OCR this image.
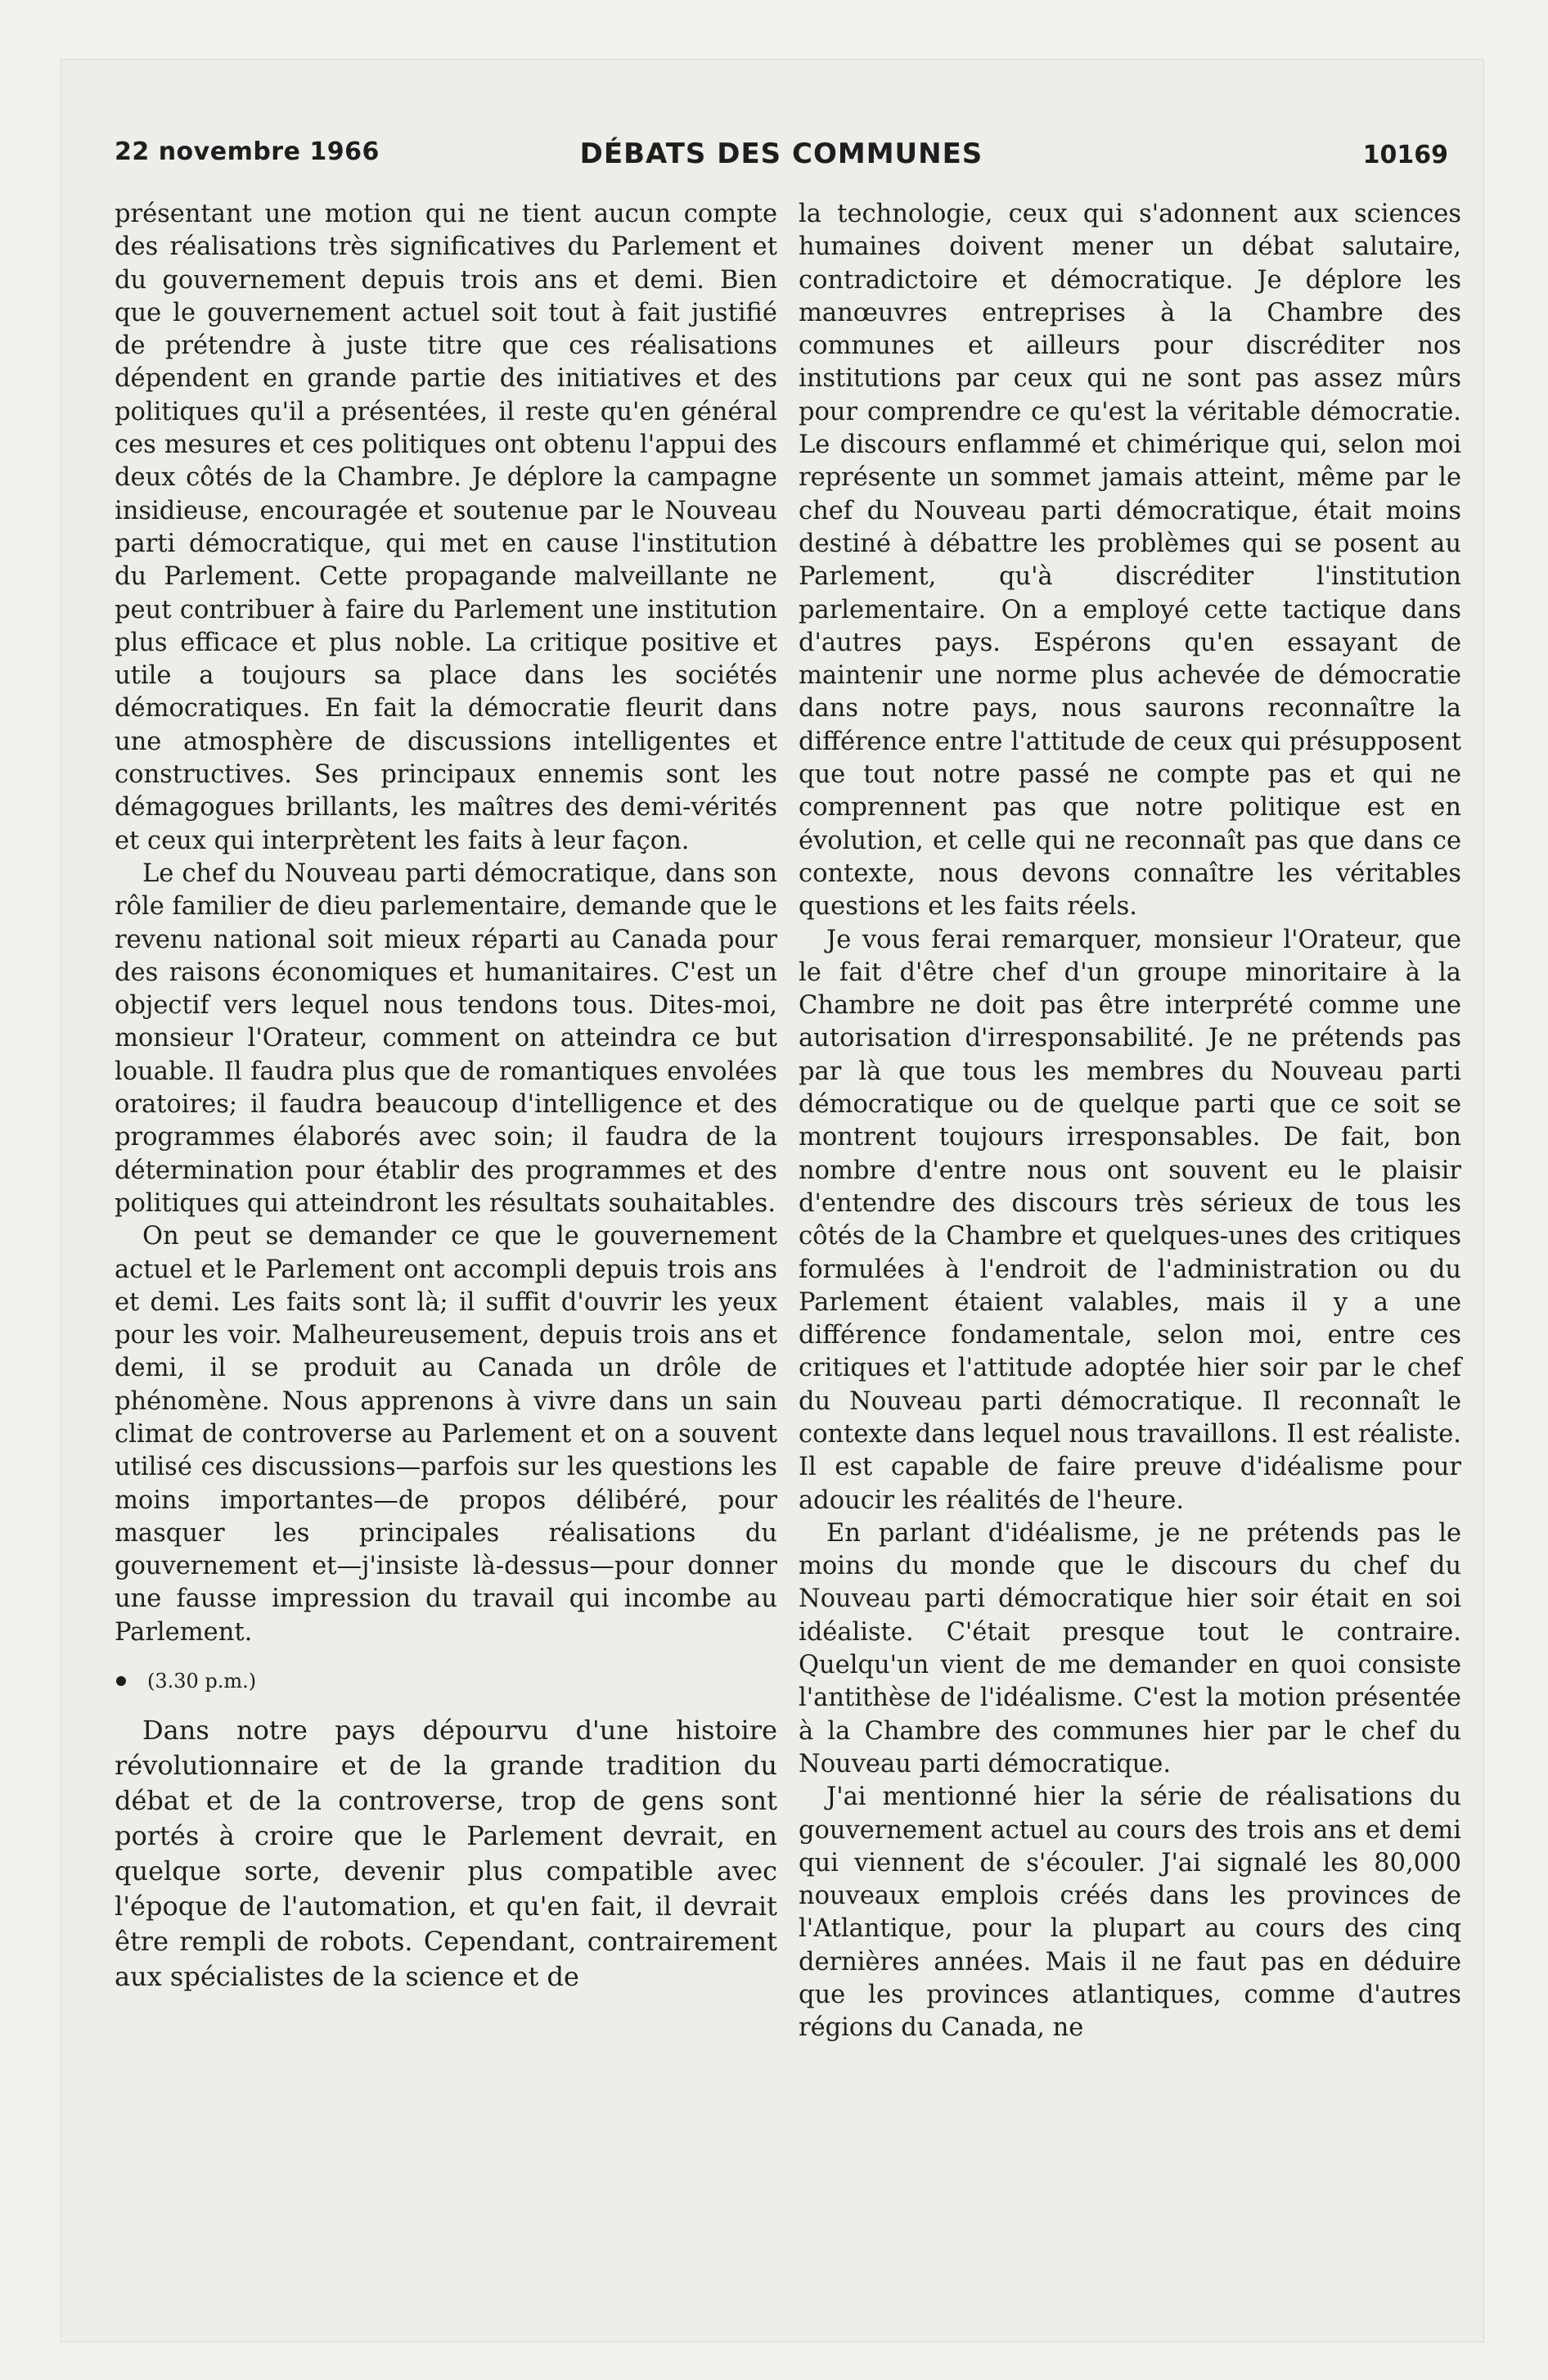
22 novembre 1966	DÉBATS DES COMMUNES	10169

présentant une motion qui ne tient aucun compte des réalisations très significatives du Parlement et du gouvernement depuis trois ans et demi. Bien que le gouvernement actuel soit tout à fait justifié de prétendre à juste titre que ces réalisations dépendent en grande partie des initiatives et des politiques qu'il a présentées, il reste qu'en général ces mesures et ces politiques ont obtenu l'appui des deux côtés de la Chambre. Je déplore la campagne insidieuse, encouragée et soutenue par le Nouveau parti démocratique, qui met en cause l'institution du Parlement. Cette propagande malveillante ne peut contribuer à faire du Parlement une institution plus efficace et plus noble. La critique positive et utile a toujours sa place dans les sociétés démocratiques. En fait la démocratie fleurit dans une atmosphère de discussions intelligentes et constructives. Ses principaux ennemis sont les démagogues brillants, les maîtres des demi-vérités et ceux qui interprètent les faits à leur façon.

Le chef du Nouveau parti démocratique, dans son rôle familier de dieu parlementaire, demande que le revenu national soit mieux réparti au Canada pour des raisons économiques et humanitaires. C'est un objectif vers lequel nous tendons tous. Dites-moi, monsieur l'Orateur, comment on atteindra ce but louable. Il faudra plus que de romantiques envolées oratoires; il faudra beaucoup d'intelligence et des programmes élaborés avec soin; il faudra de la détermination pour établir des programmes et des politiques qui atteindront les résultats souhaitables.

On peut se demander ce que le gouvernement actuel et le Parlement ont accompli depuis trois ans et demi. Les faits sont là; il suffit d'ouvrir les yeux pour les voir. Malheureusement, depuis trois ans et demi, il se produit au Canada un drôle de phénomène. Nous apprenons à vivre dans un sain climat de controverse au Parlement et on a souvent utilisé ces discussions—parfois sur les questions les moins importantes—de propos délibéré, pour masquer les principales réalisations du gouvernement et—j'insiste là-dessus—pour donner une fausse impression du travail qui incombe au Parlement.

(3.30 p.m.)

Dans notre pays dépourvu d'une histoire révolutionnaire et de la grande tradition du débat et de la controverse, trop de gens sont portés à croire que le Parlement devrait, en quelque sorte, devenir plus compatible avec l'époque de l'automation, et qu'en fait, il devrait être rempli de robots. Cependant, contrairement aux spécialistes de la science et de

la technologie, ceux qui s'adonnent aux sciences humaines doivent mener un débat salutaire, contradictoire et démocratique. Je déplore les manœuvres entreprises à la Chambre des communes et ailleurs pour discréditer nos institutions par ceux qui ne sont pas assez mûrs pour comprendre ce qu'est la véritable démocratie. Le discours enflammé et chimérique qui, selon moi représente un sommet jamais atteint, même par le chef du Nouveau parti démocratique, était moins destiné à débattre les problèmes qui se posent au Parlement, qu'à discréditer l'institution parlementaire. On a employé cette tactique dans d'autres pays. Espérons qu'en essayant de maintenir une norme plus achevée de démocratie dans notre pays, nous saurons reconnaître la différence entre l'attitude de ceux qui présupposent que tout notre passé ne compte pas et qui ne comprennent pas que notre politique est en évolution, et celle qui ne reconnaît pas que dans ce contexte, nous devons connaître les véritables questions et les faits réels.

Je vous ferai remarquer, monsieur l'Orateur, que le fait d'être chef d'un groupe minoritaire à la Chambre ne doit pas être interprété comme une autorisation d'irresponsabilité. Je ne prétends pas par là que tous les membres du Nouveau parti démocratique ou de quelque parti que ce soit se montrent toujours irresponsables. De fait, bon nombre d'entre nous ont souvent eu le plaisir d'entendre des discours très sérieux de tous les côtés de la Chambre et quelques-unes des critiques formulées à l'endroit de l'administration ou du Parlement étaient valables, mais il y a une différence fondamentale, selon moi, entre ces critiques et l'attitude adoptée hier soir par le chef du Nouveau parti démocratique. Il reconnaît le contexte dans lequel nous travaillons. Il est réaliste. Il est capable de faire preuve d'idéalisme pour adoucir les réalités de l'heure.

En parlant d'idéalisme, je ne prétends pas le moins du monde que le discours du chef du Nouveau parti démocratique hier soir était en soi idéaliste. C'était presque tout le contraire. Quelqu'un vient de me demander en quoi consiste l'antithèse de l'idéalisme. C'est la motion présentée à la Chambre des communes hier par le chef du Nouveau parti démocratique.

J'ai mentionné hier la série de réalisations du gouvernement actuel au cours des trois ans et demi qui viennent de s'écouler. J'ai signalé les 80,000 nouveaux emplois créés dans les provinces de l'Atlantique, pour la plupart au cours des cinq dernières années. Mais il ne faut pas en déduire que les provinces atlantiques, comme d'autres régions du Canada, ne
